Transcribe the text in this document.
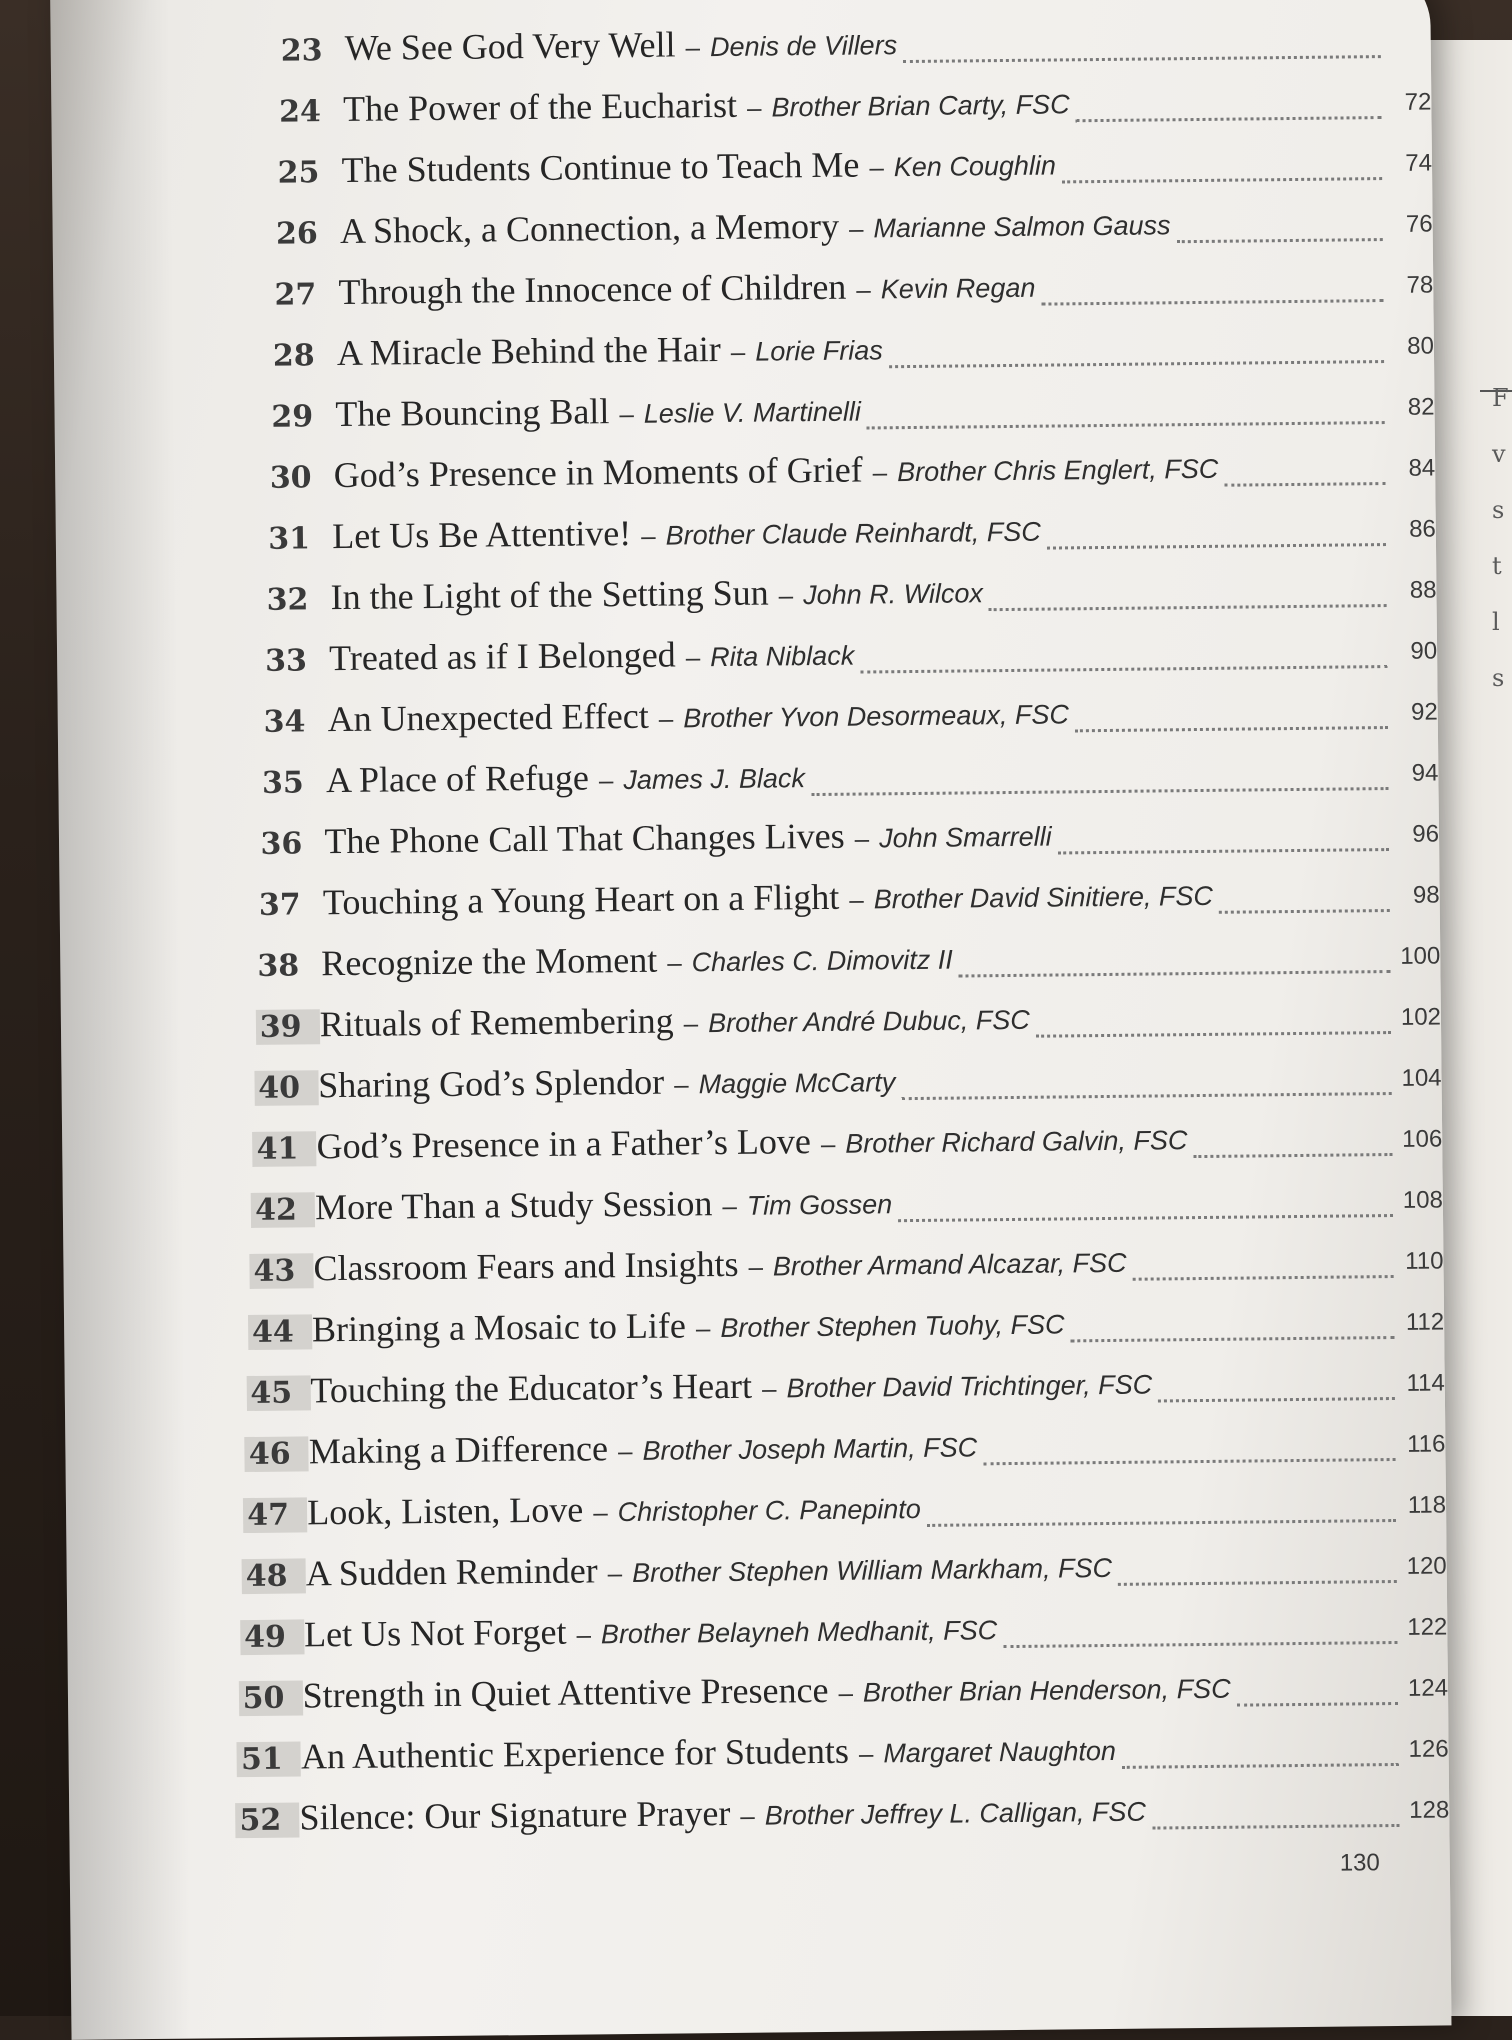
F
v
s
t
l
s
23 We See God Very Well – Denis de Villers
24 The Power of the Eucharist – Brother Brian Carty, FSC	72
25 The Students Continue to Teach Me – Ken Coughlin	74
26 A Shock, a Connection, a Memory – Marianne Salmon Gauss	76
27 Through the Innocence of Children – Kevin Regan	78
28 A Miracle Behind the Hair – Lorie Frias	80
29 The Bouncing Ball – Leslie V. Martinelli	82
30 God’s Presence in Moments of Grief – Brother Chris Englert, FSC	84
31 Let Us Be Attentive! – Brother Claude Reinhardt, FSC	86
32 In the Light of the Setting Sun – John R. Wilcox	88
33 Treated as if I Belonged – Rita Niblack	90
34 An Unexpected Effect – Brother Yvon Desormeaux, FSC	92
35 A Place of Refuge – James J. Black	94
36 The Phone Call That Changes Lives – John Smarrelli	96
37 Touching a Young Heart on a Flight – Brother David Sinitiere, FSC	98
38 Recognize the Moment – Charles C. Dimovitz II	100
39 Rituals of Remembering – Brother André Dubuc, FSC	102
40 Sharing God’s Splendor – Maggie McCarty	104
41 God’s Presence in a Father’s Love – Brother Richard Galvin, FSC	106
42 More Than a Study Session – Tim Gossen	108
43 Classroom Fears and Insights – Brother Armand Alcazar, FSC	110
44 Bringing a Mosaic to Life – Brother Stephen Tuohy, FSC	112
45 Touching the Educator’s Heart – Brother David Trichtinger, FSC	114
46 Making a Difference – Brother Joseph Martin, FSC	116
47 Look, Listen, Love – Christopher C. Panepinto	118
48 A Sudden Reminder – Brother Stephen William Markham, FSC	120
49 Let Us Not Forget – Brother Belayneh Medhanit, FSC	122
50 Strength in Quiet Attentive Presence – Brother Brian Henderson, FSC	124
51 An Authentic Experience for Students – Margaret Naughton	126
52 Silence: Our Signature Prayer – Brother Jeffrey L. Calligan, FSC	128
130
